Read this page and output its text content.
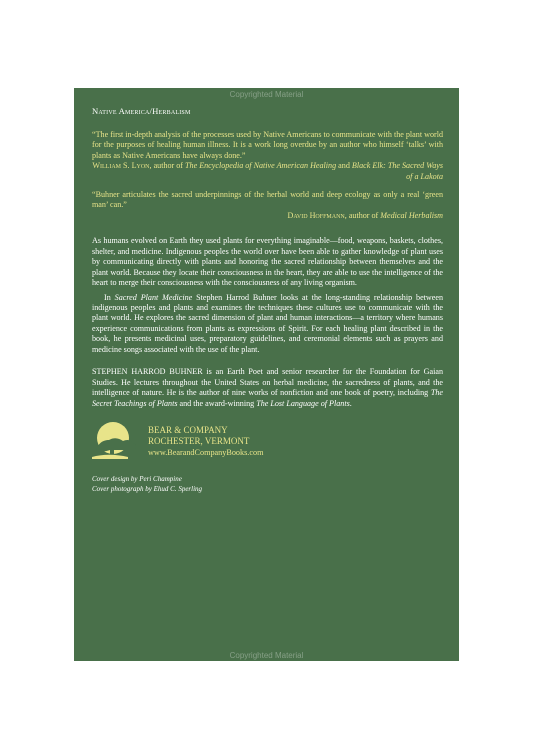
Copyrighted Material
Native America/Herbalism

“The first in-depth analysis of the processes used by Native Americans to communicate with the plant world for the purposes of healing human illness. It is a work long overdue by an author who himself ‘talks’ with plants as Native Americans have always done.”

William S. Lyon, author of The Encyclopedia of Native American Healing and Black Elk: The Sacred Ways of a Lakota

“Buhner articulates the sacred underpinnings of the herbal world and deep ecology as only a real ‘green man’ can.”

David Hoffmann, author of Medical Herbalism

As humans evolved on Earth they used plants for everything imaginable—food, weapons, baskets, clothes, shelter, and medicine. Indigenous peoples the world over have been able to gather knowledge of plant uses by communicating directly with plants and honoring the sacred relationship between themselves and the plant world. Because they locate their consciousness in the heart, they are able to use the intelligence of the heart to merge their consciousness with the consciousness of any living organism.

In Sacred Plant Medicine Stephen Harrod Buhner looks at the long-standing relationship between indigenous peoples and plants and examines the techniques these cultures use to communicate with the plant world. He explores the sacred dimension of plant and human interactions—a territory where humans experience communications from plants as expressions of Spirit. For each healing plant described in the book, he presents medicinal uses, preparatory guidelines, and ceremonial elements such as prayers and medicine songs associated with the use of the plant.

STEPHEN HARROD BUHNER is an Earth Poet and senior researcher for the Foundation for Gaian Studies. He lectures throughout the United States on herbal medicine, the sacredness of plants, and the intelligence of nature. He is the author of nine works of nonfiction and one book of poetry, including The Secret Teachings of Plants and the award-winning The Lost Language of Plants.

BEAR & COMPANY
ROCHESTER, VERMONT
www.BearandCompanyBooks.com
Cover design by Peri Champine
Cover photograph by Ehud C. Sperling
Copyrighted Material
